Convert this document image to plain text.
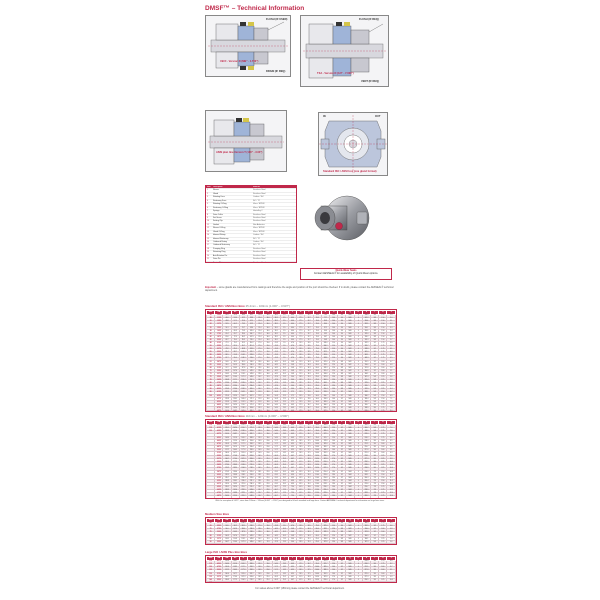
DMSF™ – Technical Information
UB D - Version D (MB" - 1.750")
FLUSH (IF USED)
DRAIN (IF REQ)
TXA - Version D (3.0" - 7.000")
FLUSH (IF REQ)
VENT (IF REQ)
ANSI plan line Version T (100" - 3.00")
Standard ISO / ANSI box (one gland format)
IN	OUT
Item	Description	Material
1	Sleeve	Stainless Steel
2	Gland	Stainless Steel
3	Rotating Face	Carbon / SiC
4	Stationary Face	SiC / TC
5	Rotating O-Ring	Viton / EPDM
6	Stationary O-Ring	Viton / EPDM
7	Springs	Hastelloy C
8	Drive Collar	Stainless Steel
9	Set Screw	Stainless Steel
10	Setting Clip	Stainless Steel
11	Gasket	Non Asbestos
12	Sleeve O-Ring	Viton / EPDM
13	Gland O-Ring	Viton / EPDM
14	Inboard Rotary	Carbon / SiC
15	Inboard Stationary	SiC / TC
16	Outboard Rotary	Carbon / SiC
17	Outboard Stationary	SiC / TC
18	Pumping Ring	Stainless Steel
19	Retaining Ring	Stainless Steel
20	Anti-Rotation Pin	Stainless Steel
21	Drive Pin	Stainless Steel
22	Spring Plate	Stainless Steel
Quick-Wear Seals
Contact AESSEAL® for availability of Quick-Wear options.
Important – some glands are manufactured from castings and therefore the angle and position of the port should be checked. If in doubt, please contact the AESSEAL® technical department.
Standard ISO / ANSI Box Bore 25.4mm – 100mm (1.000" – 3.937")
Size	ØA	ØB	ØC	D	E	F	G	H	I	J	K	L	M	N	O	P	Q	R	S	T	U	V
25	1.000	43.5	50.8	64.0	85.7	25.4	14.0	38.1	8.5	44.0	27.5	12.7	70.0	74.5	10.0	1/4	M10	4	104.0	3/8	1.50	2.9
28	1.125	46.6	53.9	67.2	88.9	25.4	14.0	38.1	8.5	44.0	27.5	12.7	70.0	77.7	10.0	1/4	M10	4	107.2	3/8	1.50	3.0
30	1.250	49.8	57.1	70.4	92.1	25.4	14.0	38.1	8.5	44.0	27.5	12.7	70.0	80.9	10.0	1/4	M10	4	110.4	3/8	1.50	3.1
32	1.375	52.9	60.2	73.5	95.2	25.4	14.0	38.1	8.5	44.0	27.5	12.7	70.0	84.0	10.0	1/4	M10	4	113.5	3/8	1.50	3.2
35	1.500	56.1	63.4	76.7	98.4	25.4	14.0	38.1	8.5	44.0	27.5	12.7	70.0	87.2	10.0	1/4	M10	4	116.7	3/8	1.50	3.3
38	1.625	59.3	66.6	79.9	101.6	25.4	14.0	38.1	8.5	44.0	27.5	12.7	70.0	90.4	10.0	1/4	M10	4	119.9	3/8	1.50	3.4
40	1.750	62.4	69.7	83.0	104.7	25.4	14.0	38.1	8.5	44.0	27.5	12.7	70.0	93.5	10.0	1/4	M10	4	123.0	3/8	1.50	3.5
42	1.875	65.6	72.9	86.2	107.9	25.4	14.0	38.1	8.5	44.0	27.5	12.7	70.0	96.7	10.0	1/4	M10	4	126.2	3/8	1.50	3.6
45	2.000	68.7	76.0	89.3	111.0	25.4	14.0	38.1	8.5	44.0	27.5	12.7	70.0	99.8	10.0	1/4	M10	4	129.3	3/8	1.50	3.7
48	2.125	71.9	79.2	92.5	114.2	27.0	15.0	41.3	9.5	47.6	29.5	13.5	75.0	103.0	11.0	1/4	M12	4	132.5	1/2	1.75	3.9
50	2.250	75.1	82.4	95.7	117.4	27.0	15.0	41.3	9.5	47.6	29.5	13.5	75.0	106.2	11.0	1/4	M12	4	135.7	1/2	1.75	4.0
53	2.375	78.2	85.5	98.8	120.5	27.0	15.0	41.3	9.5	47.6	29.5	13.5	75.0	109.3	11.0	1/4	M12	4	138.8	1/2	1.75	4.1
55	2.500	81.4	88.7	102.0	123.7	27.0	15.0	41.3	9.5	47.6	29.5	13.5	75.0	112.5	11.0	1/4	M12	4	142.0	1/2	1.75	4.2
58	2.625	84.5	91.8	105.1	126.8	27.0	15.0	41.3	9.5	47.6	29.5	13.5	75.0	115.6	11.0	1/4	M12	4	145.1	1/2	1.75	4.4
60	2.750	87.7	95.0	108.3	130.0	27.0	15.0	41.3	9.5	47.6	29.5	13.5	75.0	118.8	11.0	1/4	M12	4	148.3	1/2	1.75	4.5
63	2.875	90.9	98.2	111.5	133.2	28.6	16.0	44.5	10.5	50.8	31.5	14.3	80.0	122.0	12.0	3/8	M12	4	151.5	1/2	2.00	4.7
65	3.000	94.0	101.3	114.6	136.3	28.6	16.0	44.5	10.5	50.8	31.5	14.3	80.0	125.1	12.0	3/8	M12	4	154.6	1/2	2.00	4.8
68	3.125	97.2	104.5	117.8	139.5	28.6	16.0	44.5	10.5	50.8	31.5	14.3	80.0	128.3	12.0	3/8	M12	4	157.8	1/2	2.00	5.0
70	3.250	100.3	107.6	120.9	142.6	28.6	16.0	44.5	10.5	50.8	31.5	14.3	80.0	131.4	12.0	3/8	M12	4	160.9	1/2	2.00	5.1
73	3.375	103.5	110.8	124.1	145.8	28.6	16.0	44.5	10.5	50.8	31.5	14.3	80.0	134.6	12.0	3/8	M12	4	164.1	1/2	2.00	5.3
75	3.500	106.7	114.0	127.3	149.0	30.2	17.0	47.6	11.5	54.0	33.5	15.1	85.0	137.8	13.0	3/8	M16	4	167.3	5/8	2.25	5.6
78	3.625	109.8	117.1	130.4	152.1	30.2	17.0	47.6	11.5	54.0	33.5	15.1	85.0	140.9	13.0	3/8	M16	4	170.4	5/8	2.25	5.8
80	3.750	113.0	120.3	133.6	155.3	30.2	17.0	47.6	11.5	54.0	33.5	15.1	85.0	144.1	13.0	3/8	M16	4	173.6	5/8	2.25	6.0
85	3.875	116.1	123.4	136.7	158.4	30.2	17.0	47.6	11.5	54.0	33.5	15.1	85.0	147.2	13.0	3/8	M16	4	176.7	5/8	2.25	6.2
90	4.000	119.3	126.6	139.9	161.6	30.2	17.0	47.6	11.5	54.0	33.5	15.1	85.0	150.4	13.0	3/8	M16	4	179.9	5/8	2.25	6.4
95	4.125	122.5	129.8	143.1	164.8	31.8	18.0	50.8	12.5	57.2	35.5	15.9	90.0	153.6	14.0	1/2	M16	4	183.1	5/8	2.50	6.7
100	4.250	125.6	132.9	146.2	167.9	31.8	18.0	50.8	12.5	57.2	35.5	15.9	90.0	156.7	14.0	1/2	M16	4	186.2	5/8	2.50	6.9
	4.375	128.8	136.1	149.4	171.1	31.8	18.0	50.8	12.5	57.2	35.5	15.9	90.0	159.9	14.0	1/2	M16	4	189.4	5/8	2.50	7.1
	4.500	131.9	139.2	152.5	174.2	31.8	18.0	50.8	12.5	57.2	35.5	15.9	90.0	163.0	14.0	1/2	M16	4	192.5	5/8	2.50	7.3
	4.625	135.1	142.4	155.7	177.4	33.3	19.0	54.0	13.5	60.3	37.5	16.7	95.0	166.2	15.0	1/2	M20	4	195.7	3/4	2.75	7.6
	4.750	138.3	145.6	158.9	180.6	33.3	19.0	54.0	13.5	60.3	37.5	16.7	95.0	169.4	15.0	1/2	M20	4	198.9	3/4	2.75	7.8
	4.875	141.4	148.7	162.0	183.7	33.3	19.0	54.0	13.5	60.3	37.5	16.7	95.0	172.5	15.0	1/2	M20	4	202.0	3/4	2.75	8.0

Standard ISO / ANSI Box Bore 110mm – 120mm (4.000" – 4.500")
Size	ØA	ØB	ØC	D	E	F	G	H	I	J	K	L	M	N	O	P	Q	R	S	T	U	V
110	4.000	131.9	139.2	152.5	174.2	33.3	19.0	54.0	13.5	60.3	37.5	16.7	95.0	163.0	15.0	1/2	M16	4	192.5	5/8	2.75	7.4
115	4.125	135.1	142.4	155.7	177.4	33.3	19.0	54.0	13.5	60.3	37.5	16.7	95.0	166.2	15.0	1/2	M16	4	195.7	5/8	2.75	7.6
120	4.250	138.3	145.6	158.9	180.6	33.3	19.0	54.0	13.5	60.3	37.5	16.7	95.0	169.4	15.0	1/2	M16	4	198.9	5/8	2.75	7.8
	4.375	141.4	148.7	162.0	183.7	33.3	19.0	54.0	13.5	60.3	37.5	16.7	95.0	172.5	15.0	1/2	M16	4	202.0	5/8	2.75	8.0
	4.500	144.6	151.9	165.2	186.9	33.3	19.0	54.0	13.5	60.3	37.5	16.7	95.0	175.7	15.0	1/2	M16	4	205.2	5/8	2.75	8.2
	4.625	147.7	155.0	168.3	190.0	34.9	20.0	57.2	14.5	63.5	39.5	17.5	100.0	178.8	16.0	1/2	M20	4	208.3	3/4	3.00	8.5
	4.750	150.9	158.2	171.5	193.2	34.9	20.0	57.2	14.5	63.5	39.5	17.5	100.0	182.0	16.0	1/2	M20	4	211.5	3/4	3.00	8.7
	4.875	154.1	161.4	174.7	196.4	34.9	20.0	57.2	14.5	63.5	39.5	17.5	100.0	185.2	16.0	1/2	M20	4	214.7	3/4	3.00	8.9
	5.000	157.2	164.5	177.8	199.5	34.9	20.0	57.2	14.5	63.5	39.5	17.5	100.0	188.3	16.0	1/2	M20	4	217.8	3/4	3.00	9.1
	5.125	160.4	167.7	181.0	202.7	34.9	20.0	57.2	14.5	63.5	39.5	17.5	100.0	191.5	16.0	1/2	M20	4	221.0	3/4	3.00	9.3
	5.250	163.5	170.8	184.1	205.8	36.5	21.0	60.3	15.5	66.7	41.5	18.3	105.0	194.6	17.0	1/2	M20	4	224.1	3/4	3.25	9.6
	5.375	166.7	174.0	187.3	209.0	36.5	21.0	60.3	15.5	66.7	41.5	18.3	105.0	197.8	17.0	1/2	M20	4	227.3	3/4	3.25	9.8
	5.500	169.9	177.2	190.5	212.2	36.5	21.0	60.3	15.5	66.7	41.5	18.3	105.0	201.0	17.0	1/2	M20	4	230.5	3/4	3.25	10.0
	5.625	173.0	180.3	193.6	215.3	36.5	21.0	60.3	15.5	66.7	41.5	18.3	105.0	204.1	17.0	1/2	M20	4	233.6	3/4	3.25	10.2
	5.750	176.2	183.5	196.8	218.5	36.5	21.0	60.3	15.5	66.7	41.5	18.3	105.0	207.3	17.0	1/2	M20	4	236.8	3/4	3.25	10.4
	5.875	179.3	186.6	199.9	221.6	38.1	22.0	63.5	16.5	69.9	43.5	19.1	110.0	210.4	18.0	1/2	M24	4	239.9	7/8	3.50	10.8
	6.000	182.5	189.8	203.1	224.8	38.1	22.0	63.5	16.5	69.9	43.5	19.1	110.0	213.6	18.0	1/2	M24	4	243.1	7/8	3.50	11.0
	6.125	185.7	193.0	206.3	228.0	38.1	22.0	63.5	16.5	69.9	43.5	19.1	110.0	216.8	18.0	1/2	M24	4	246.3	7/8	3.50	11.2
	6.250	188.8	196.1	209.4	231.1	38.1	22.0	63.5	16.5	69.9	43.5	19.1	110.0	219.9	18.0	1/2	M24	4	249.4	7/8	3.50	11.4
	6.375	192.0	199.3	212.6	234.3	38.1	22.0	63.5	16.5	69.9	43.5	19.1	110.0	223.1	18.0	1/2	M24	4	252.6	7/8	3.50	11.6
	6.500	195.1	202.4	215.7	237.4	39.7	23.0	66.7	17.5	73.0	45.5	19.9	115.0	226.2	19.0	1/2	M24	4	255.7	7/8	3.75	12.0
	6.625	198.3	205.6	218.9	240.6	39.7	23.0	66.7	17.5	73.0	45.5	19.9	115.0	229.4	19.0	1/2	M24	4	258.9	7/8	3.75	12.2
	6.750	201.5	208.8	222.1	243.8	39.7	23.0	66.7	17.5	73.0	45.5	19.9	115.0	232.6	19.0	1/2	M24	4	262.1	7/8	3.75	12.4
	6.875	204.6	211.9	225.2	246.9	39.7	23.0	66.7	17.5	73.0	45.5	19.9	115.0	235.7	19.0	1/2	M24	4	265.2	7/8	3.75	12.6

With the exception of 3.625", sizes from 100mm – 120mm (4.000" – 4.500") are designed to fit both standard and large bore. Contact AESSEAL® technical department for information on large bore sizes.
Medium Size Bore
Size	ØA	ØB	ØC	D	E	F	G	H	I	J	K	L	M	N	O	P	Q	R	S	T	U	V
60	2.375	87.7	95.0	108.3	130.0	27.0	15.0	41.3	9.5	47.6	29.5	13.5	75.0	118.8	11.0	1/4	M12	4	148.3	1/2	1.75	4.5
65	2.500	90.9	98.2	111.5	133.2	27.0	15.0	41.3	9.5	47.6	29.5	13.5	75.0	122.0	11.0	1/4	M12	4	151.5	1/2	1.75	4.6
70	2.750	94.0	101.3	114.6	136.3	28.6	16.0	44.5	10.5	50.8	31.5	14.3	80.0	125.1	12.0	3/8	M12	4	154.6	1/2	2.00	4.8
75	3.000	97.2	104.5	117.8	139.5	28.6	16.0	44.5	10.5	50.8	31.5	14.3	80.0	128.3	12.0	3/8	M12	4	157.8	1/2	2.00	5.0
80	3.125	100.3	107.6	120.9	142.6	28.6	16.0	44.5	10.5	50.8	31.5	14.3	80.0	131.4	12.0	3/8	M12	4	160.9	1/2	2.00	5.1
85	3.375	103.5	110.8	124.1	145.8	30.2	17.0	47.6	11.5	54.0	33.5	15.1	85.0	134.6	13.0	3/8	M16	4	164.1	5/8	2.25	5.4
90	3.500	106.7	114.0	127.3	149.0	30.2	17.0	47.6	11.5	54.0	33.5	15.1	85.0	137.8	13.0	3/8	M16	4	167.3	5/8	2.25	5.6

Large ISO / ANSI Plus Box Bore
Size	ØA	ØB	ØC	D	E	F	G	H	I	J	K	L	M	N	O	P	Q	R	S	T	U	V
110	4.375	141.4	148.7	162.0	183.7	33.3	19.0	54.0	13.5	60.3	37.5	16.7	95.0	172.5	15.0	1/2	M20	4	202.0	3/4	2.75	8.0
115	4.500	144.6	151.9	165.2	186.9	33.3	19.0	54.0	13.5	60.3	37.5	16.7	95.0	175.7	15.0	1/2	M20	4	205.2	3/4	2.75	8.2
120	4.750	150.9	158.2	171.5	193.2	34.9	20.0	57.2	14.5	63.5	39.5	17.5	100.0	182.0	16.0	1/2	M20	4	211.5	3/4	3.00	8.7
125	5.000	157.2	164.5	177.8	199.5	34.9	20.0	57.2	14.5	63.5	39.5	17.5	100.0	188.3	16.0	1/2	M20	4	217.8	3/4	3.00	9.1
130	5.125	160.4	167.7	181.0	202.7	34.9	20.0	57.2	14.5	63.5	39.5	17.5	100.0	191.5	16.0	1/2	M20	4	221.0	3/4	3.00	9.3
135	5.375	166.7	174.0	187.3	209.0	36.5	21.0	60.3	15.5	66.7	41.5	18.3	105.0	197.8	17.0	1/2	M20	4	227.3	3/4	3.25	9.8
140	5.500	169.9	177.2	190.5	212.2	36.5	21.0	60.3	15.5	66.7	41.5	18.3	105.0	201.0	17.0	1/2	M20	4	230.5	3/4	3.25	10.0

For values above 6.000" (150mm) please contact the AESSEAL® technical department.
